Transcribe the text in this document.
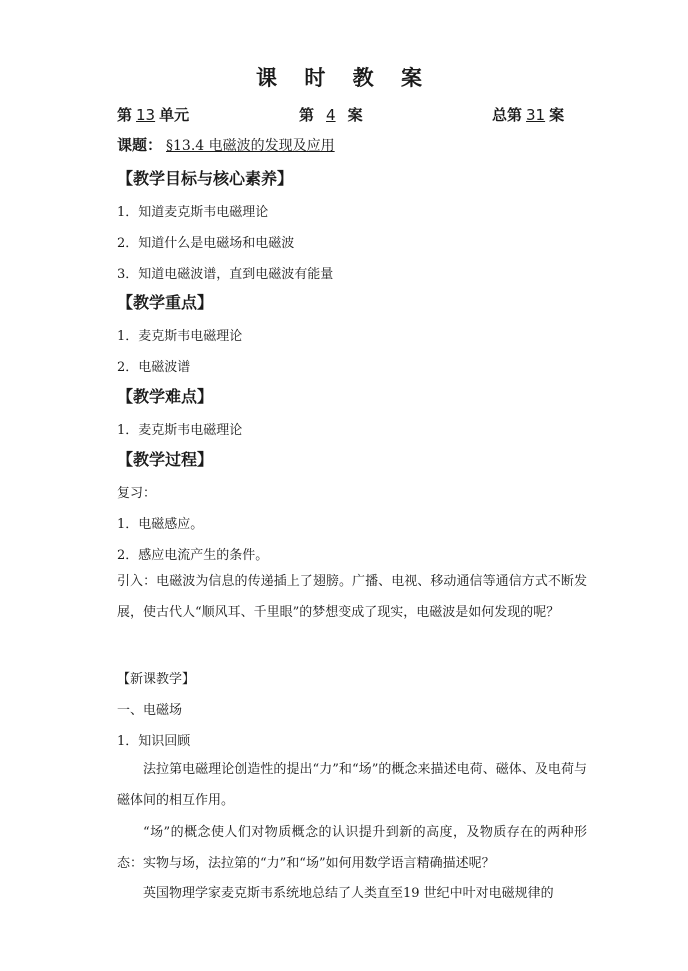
课 时 教 案
第 13 单元	第 4 案	总第 31 案
课题： §13.4 电磁波的发现及应用
【教学目标与核心素养】
1．知道麦克斯韦电磁理论
2．知道什么是电磁场和电磁波
3．知道电磁波谱，直到电磁波有能量
【教学重点】
1．麦克斯韦电磁理论
2．电磁波谱
【教学难点】
1．麦克斯韦电磁理论
【教学过程】
复习：
1．电磁感应。
2．感应电流产生的条件。
引入：电磁波为信息的传递插上了翅膀。广播、电视、移动通信等通信方式不断发展，使古代人“顺风耳、千里眼”的梦想变成了现实，电磁波是如何发现的呢？
【新课教学】
一、电磁场
1．知识回顾
法拉第电磁理论创造性的提出“力”和“场”的概念来描述电荷、磁体、及电荷与磁体间的相互作用。
“场”的概念使人们对物质概念的认识提升到新的高度，及物质存在的两种形态：实物与场，法拉第的“力”和“场”如何用数学语言精确描述呢？
英国物理学家麦克斯韦系统地总结了人类直至19 世纪中叶对电磁规律的
